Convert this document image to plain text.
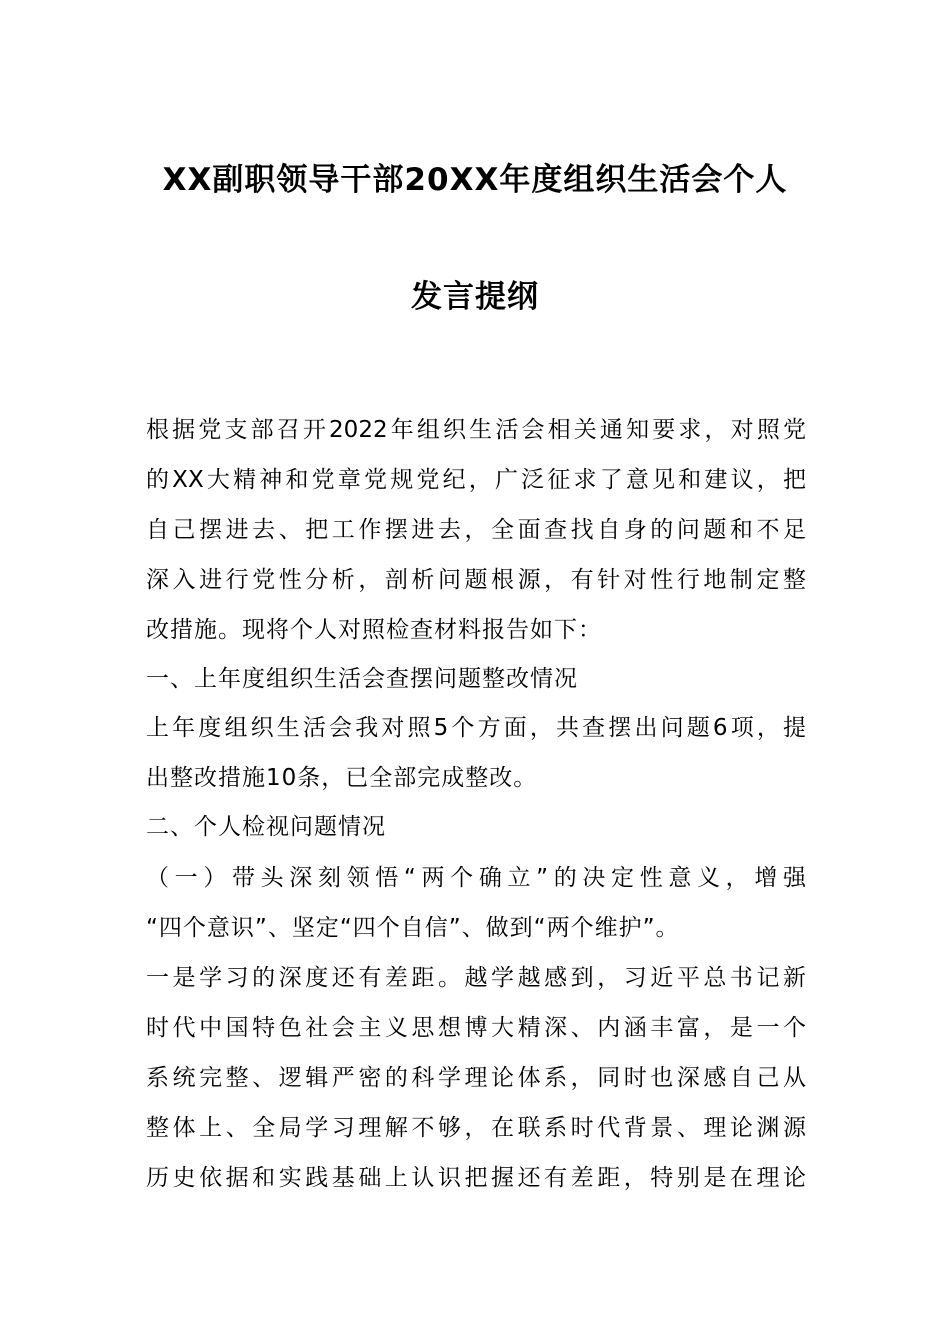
XX副职领导干部20XX年度组织生活会个人
发言提纲
根据党支部召开2022年组织生活会相关通知要求，对照党
的XX大精神和党章党规党纪，广泛征求了意见和建议，把
自己摆进去、把工作摆进去，全面查找自身的问题和不足
深入进行党性分析，剖析问题根源，有针对性行地制定整
改措施。现将个人对照检查材料报告如下：
一、上年度组织生活会查摆问题整改情况
上年度组织生活会我对照5个方面，共查摆出问题6项，提
出整改措施10条，已全部完成整改。
二、个人检视问题情况
（一）带头深刻领悟“两个确立”的决定性意义，增强
“四个意识”、坚定“四个自信”、做到“两个维护”。
一是学习的深度还有差距。越学越感到，习近平总书记新
时代中国特色社会主义思想博大精深、内涵丰富，是一个
系统完整、逻辑严密的科学理论体系，同时也深感自己从
整体上、全局学习理解不够，在联系时代背景、理论渊源
历史依据和实践基础上认识把握还有差距，特别是在理论
